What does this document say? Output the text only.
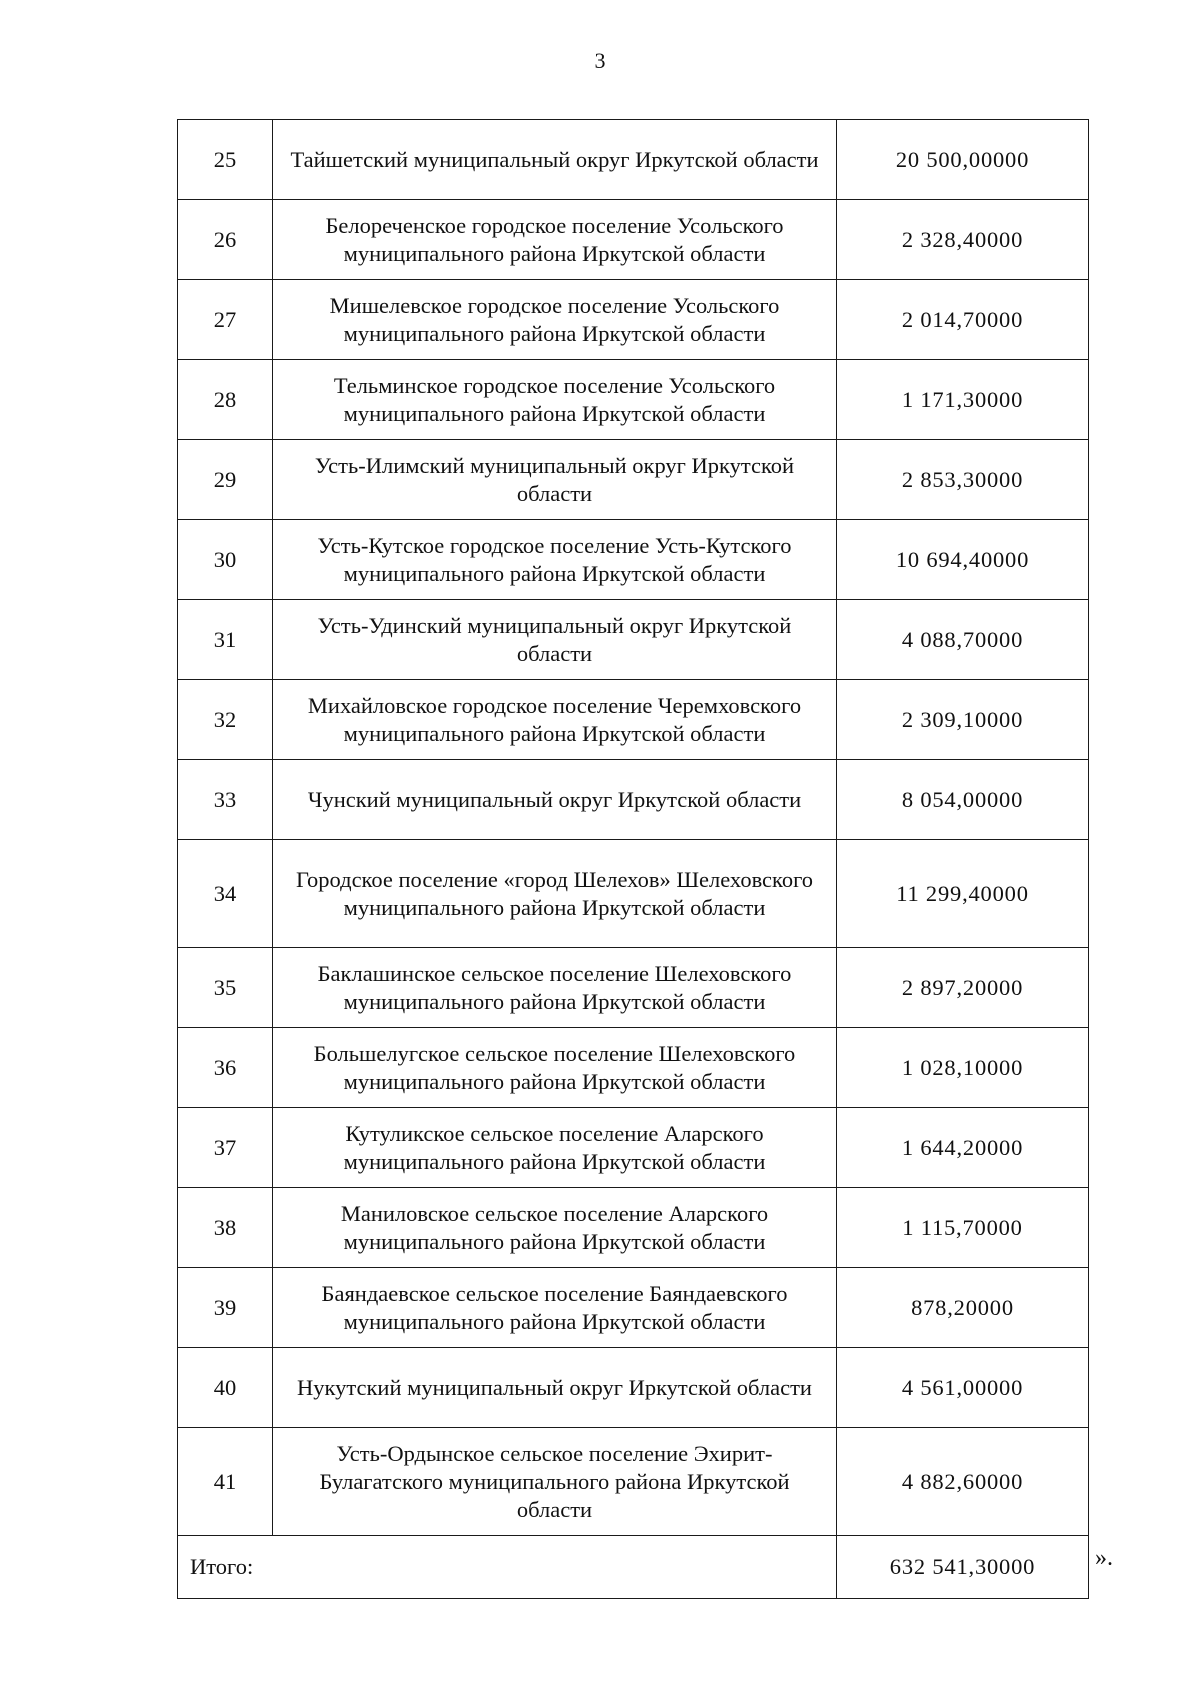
3
25	Тайшетский муниципальный округ Иркутской области	20 500,00000
26	Белореченское городское поселение Усольского муниципального района Иркутской области	2 328,40000
27	Мишелевское городское поселение Усольского муниципального района Иркутской области	2 014,70000
28	Тельминское городское поселение Усольского муниципального района Иркутской области	1 171,30000
29	Усть-Илимский муниципальный округ Иркутской области	2 853,30000
30	Усть-Кутское городское поселение Усть-Кутского муниципального района Иркутской области	10 694,40000
31	Усть-Удинский муниципальный округ Иркутской области	4 088,70000
32	Михайловское городское поселение Черемховского муниципального района Иркутской области	2 309,10000
33	Чунский муниципальный округ Иркутской области	8 054,00000
34	Городское поселение «город Шелехов» Шелеховского муниципального района Иркутской области	11 299,40000
35	Баклашинское сельское поселение Шелеховского муниципального района Иркутской области	2 897,20000
36	Большелугское сельское поселение Шелеховского муниципального района Иркутской области	1 028,10000
37	Кутуликское сельское поселение Аларского муниципального района Иркутской области	1 644,20000
38	Маниловское сельское поселение Аларского муниципального района Иркутской области	1 115,70000
39	Баяндаевское сельское поселение Баяндаевского муниципального района Иркутской области	878,20000
40	Нукутский муниципальный округ Иркутской области	4 561,00000
41	Усть-Ордынское сельское поселение Эхирит-Булагатского муниципального района Иркутской области	4 882,60000
Итого:		632 541,30000 ».
